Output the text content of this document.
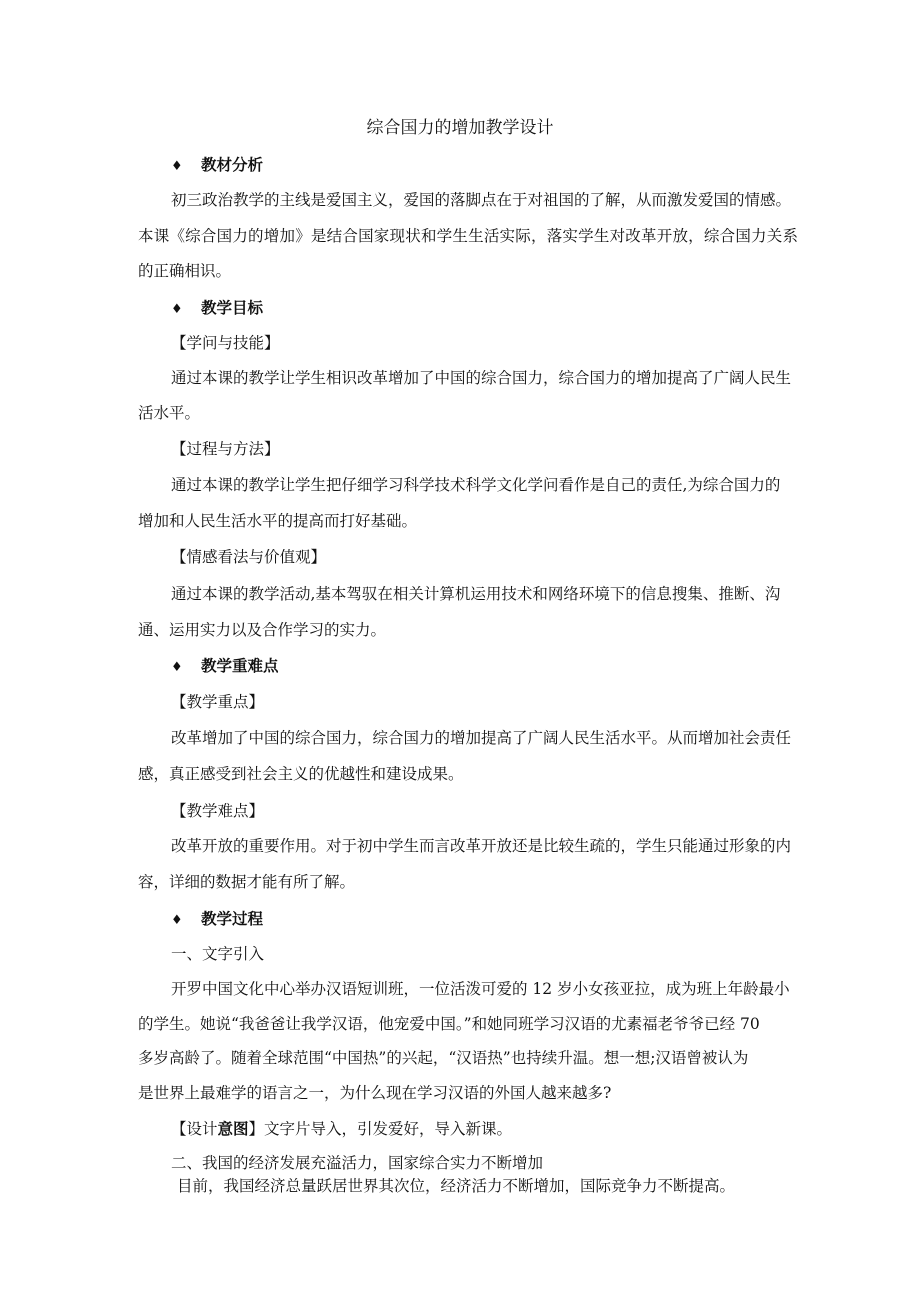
综合国力的增加教学设计
♦ 教材分析
初三政治教学的主线是爱国主义，爱国的落脚点在于对祖国的了解，从而激发爱国的情感。
本课《综合国力的增加》是结合国家现状和学生生活实际，落实学生对改革开放，综合国力关系
的正确相识。
♦ 教学目标
【学问与技能】
通过本课的教学让学生相识改革增加了中国的综合国力，综合国力的增加提高了广阔人民生
活水平。
【过程与方法】
通过本课的教学让学生把仔细学习科学技术科学文化学问看作是自己的责任,为综合国力的
增加和人民生活水平的提高而打好基础。
【情感看法与价值观】
通过本课的教学活动,基本驾驭在相关计算机运用技术和网络环境下的信息搜集、推断、沟
通、运用实力以及合作学习的实力。
♦ 教学重难点
【教学重点】
改革增加了中国的综合国力，综合国力的增加提高了广阔人民生活水平。从而增加社会责任
感，真正感受到社会主义的优越性和建设成果。
【教学难点】
改革开放的重要作用。对于初中学生而言改革开放还是比较生疏的，学生只能通过形象的内
容，详细的数据才能有所了解。
♦ 教学过程
一、文字引入
开罗中国文化中心举办汉语短训班，一位活泼可爱的 12 岁小女孩亚拉，成为班上年龄最小
的学生。她说“我爸爸让我学汉语，他宠爱中国。”和她同班学习汉语的尤素福老爷爷已经 70
多岁高龄了。随着全球范围“中国热”的兴起，“汉语热”也持续升温。想一想;汉语曾被认为
是世界上最难学的语言之一，为什么现在学习汉语的外国人越来越多?
【设计意图】文字片导入，引发爱好，导入新课。
二、我国的经济发展充溢活力，国家综合实力不断增加
目前，我国经济总量跃居世界其次位，经济活力不断增加，国际竞争力不断提高。
